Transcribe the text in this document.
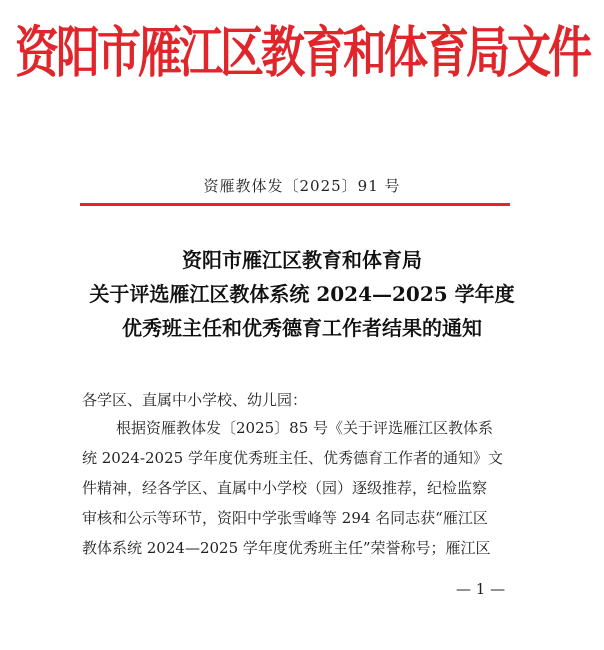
资阳市雁江区教育和体育局文件
资雁教体发〔2025〕91 号
资阳市雁江区教育和体育局
关于评选雁江区教体系统 2024—2025 学年度
优秀班主任和优秀德育工作者结果的通知
各学区、直属中小学校、幼儿园：
根据资雁教体发〔2025〕85 号《关于评选雁江区教体系
统 2024-2025 学年度优秀班主任、优秀德育工作者的通知》文
件精神，经各学区、直属中小学校（园）逐级推荐，纪检监察
审核和公示等环节，资阳中学张雪峰等 294 名同志获“雁江区
教体系统 2024—2025 学年度优秀班主任”荣誉称号；雁江区
— 1 —
